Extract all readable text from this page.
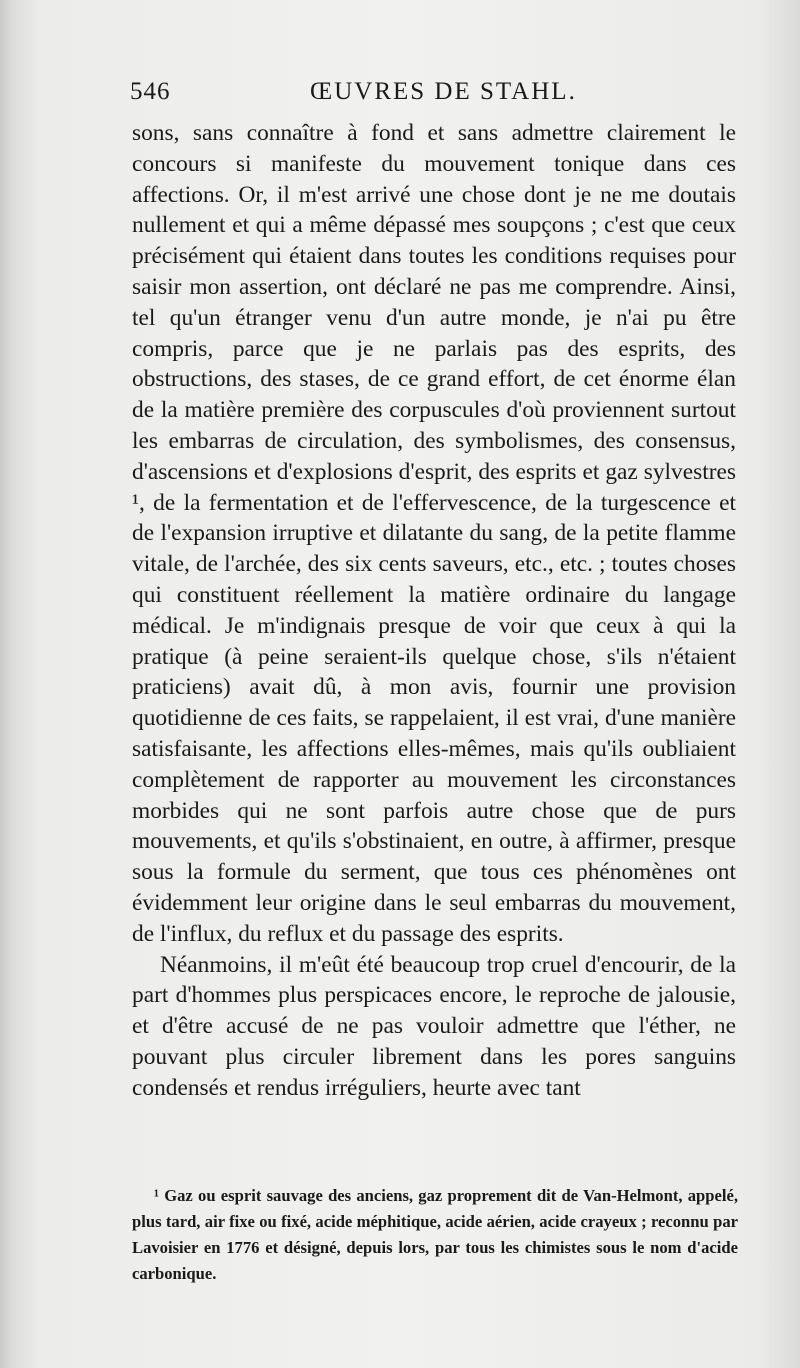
546	ŒUVRES DE STAHL.

sons, sans connaître à fond et sans admettre clairement le concours si manifeste du mouvement tonique dans ces affections. Or, il m'est arrivé une chose dont je ne me doutais nullement et qui a même dépassé mes soupçons ; c'est que ceux précisément qui étaient dans toutes les conditions requises pour saisir mon assertion, ont déclaré ne pas me comprendre. Ainsi, tel qu'un étranger venu d'un autre monde, je n'ai pu être compris, parce que je ne parlais pas des esprits, des obstructions, des stases, de ce grand effort, de cet énorme élan de la matière première des corpuscules d'où proviennent surtout les embarras de circulation, des symbolismes, des consensus, d'ascensions et d'explosions d'esprit, des esprits et gaz sylvestres ¹, de la fermentation et de l'effervescence, de la turgescence et de l'expansion irruptive et dilatante du sang, de la petite flamme vitale, de l'archée, des six cents saveurs, etc., etc. ; toutes choses qui constituent réellement la matière ordinaire du langage médical. Je m'indignais presque de voir que ceux à qui la pratique (à peine seraient-ils quelque chose, s'ils n'étaient praticiens) avait dû, à mon avis, fournir une provision quotidienne de ces faits, se rappelaient, il est vrai, d'une manière satisfaisante, les affections elles-mêmes, mais qu'ils oubliaient complètement de rapporter au mouvement les circonstances morbides qui ne sont parfois autre chose que de purs mouvements, et qu'ils s'obstinaient, en outre, à affirmer, presque sous la formule du serment, que tous ces phénomènes ont évidemment leur origine dans le seul embarras du mouvement, de l'influx, du reflux et du passage des esprits.

Néanmoins, il m'eût été beaucoup trop cruel d'encourir, de la part d'hommes plus perspicaces encore, le reproche de jalousie, et d'être accusé de ne pas vouloir admettre que l'éther, ne pouvant plus circuler librement dans les pores sanguins condensés et rendus irréguliers, heurte avec tant

¹ Gaz ou esprit sauvage des anciens, gaz proprement dit de Van-Helmont, appelé, plus tard, air fixe ou fixé, acide méphitique, acide aérien, acide crayeux ; reconnu par Lavoisier en 1776 et désigné, depuis lors, par tous les chimistes sous le nom d'acide carbonique.
